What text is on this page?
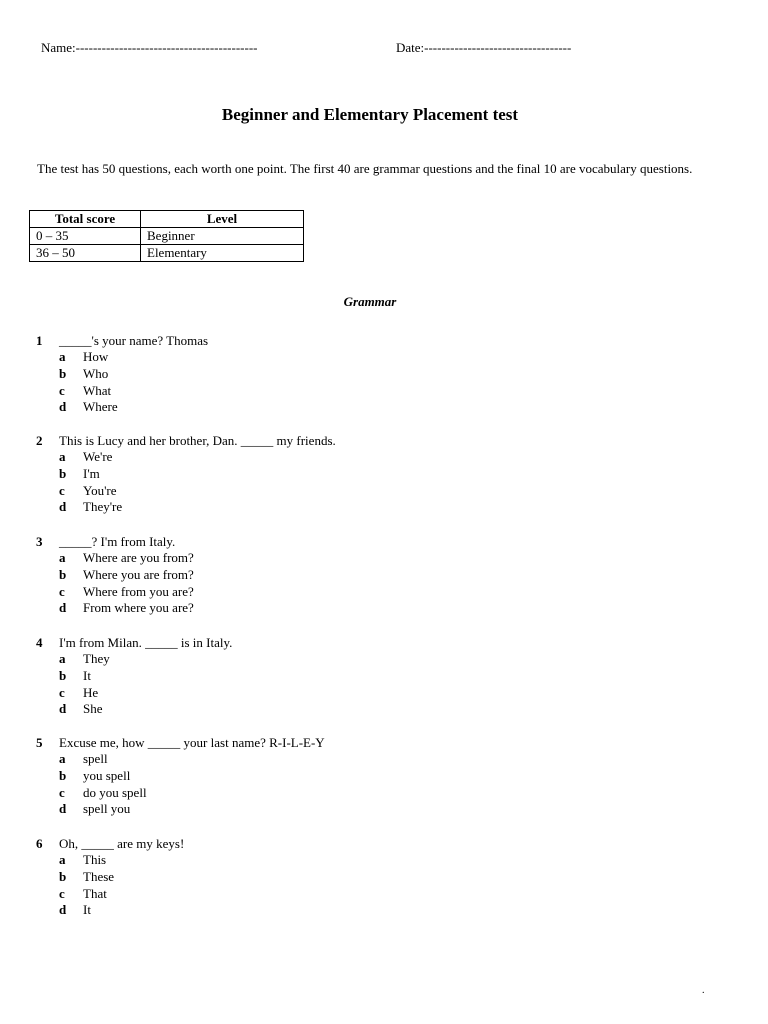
Name:------------------------------------------	Date:----------------------------------
Beginner and Elementary Placement test
The test has 50 questions, each worth one point. The first 40 are grammar questions and the final 10 are vocabulary questions.
Total score	Level
0 – 35	Beginner
36 – 50	Elementary
Grammar
1 _____'s your name? Thomas
a How
b Who
c What
d Where
2 This is Lucy and her brother, Dan. _____ my friends.
a We're
b I'm
c You're
d They're
3 _____? I'm from Italy.
a Where are you from?
b Where you are from?
c Where from you are?
d From where you are?
4 I'm from Milan. _____ is in Italy.
a They
b It
c He
d She
5 Excuse me, how _____ your last name? R-I-L-E-Y
a spell
b you spell
c do you spell
d spell you
6 Oh, _____ are my keys!
a This
b These
c That
d It
.
